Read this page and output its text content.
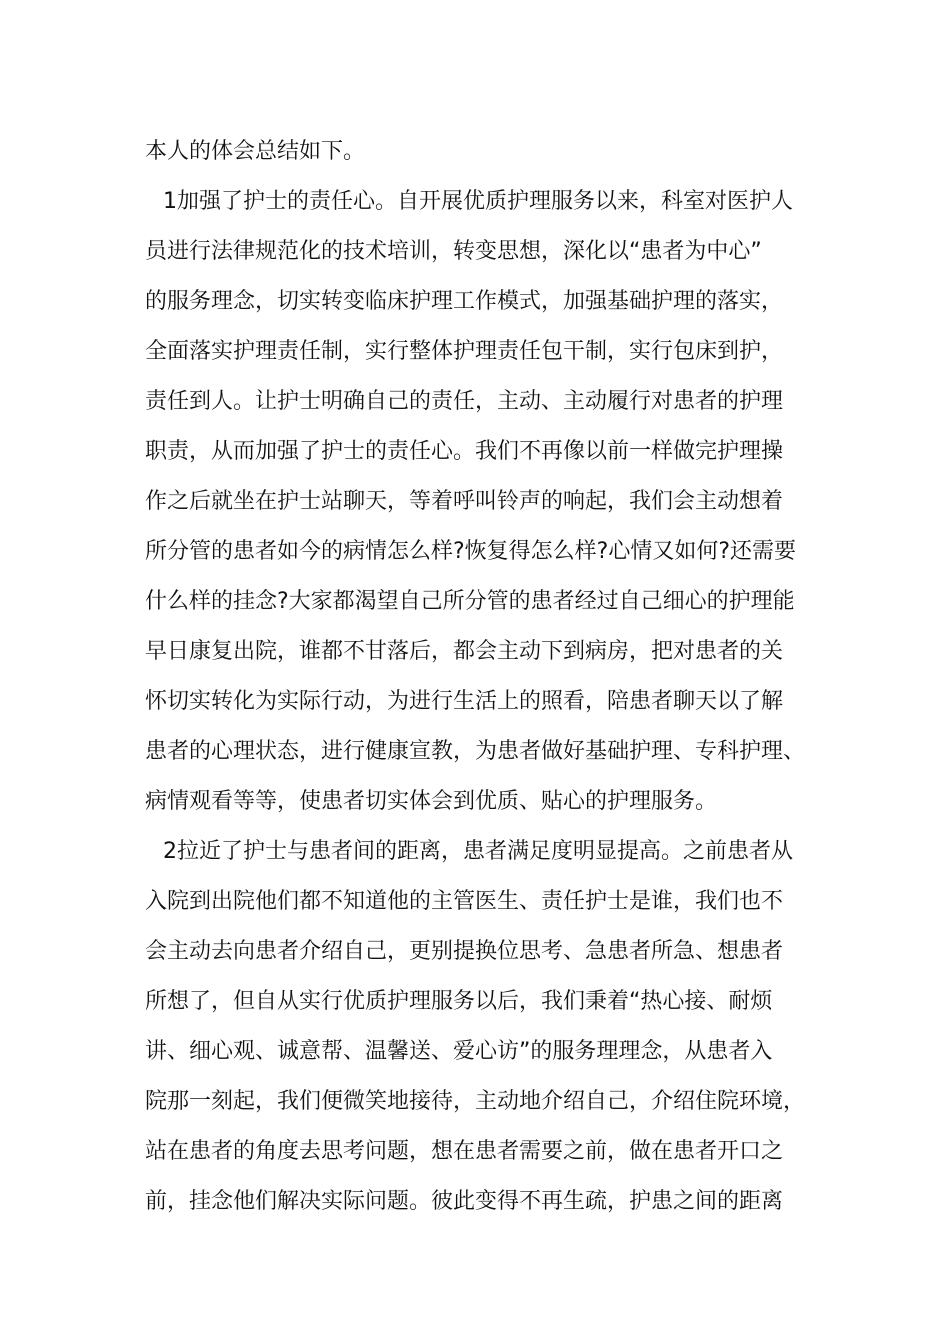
本人的体会总结如下。
1加强了护士的责任心。自开展优质护理服务以来，科室对医护人
员进行法律规范化的技术培训，转变思想，深化以“患者为中心”
的服务理念，切实转变临床护理工作模式，加强基础护理的落实，
全面落实护理责任制，实行整体护理责任包干制，实行包床到护，
责任到人。让护士明确自己的责任，主动、主动履行对患者的护理
职责，从而加强了护士的责任心。我们不再像以前一样做完护理操
作之后就坐在护士站聊天，等着呼叫铃声的响起，我们会主动想着
所分管的患者如今的病情怎么样?恢复得怎么样?心情又如何?还需要
什么样的挂念?大家都渴望自己所分管的患者经过自己细心的护理能
早日康复出院，谁都不甘落后，都会主动下到病房，把对患者的关
怀切实转化为实际行动，为进行生活上的照看，陪患者聊天以了解
患者的心理状态，进行健康宣教，为患者做好基础护理、专科护理、
病情观看等等，使患者切实体会到优质、贴心的护理服务。
2拉近了护士与患者间的距离，患者满足度明显提高。之前患者从
入院到出院他们都不知道他的主管医生、责任护士是谁，我们也不
会主动去向患者介绍自己，更别提换位思考、急患者所急、想患者
所想了，但自从实行优质护理服务以后，我们秉着“热心接、耐烦
讲、细心观、诚意帮、温馨送、爱心访”的服务理理念，从患者入
院那一刻起，我们便微笑地接待，主动地介绍自己，介绍住院环境，
站在患者的角度去思考问题，想在患者需要之前，做在患者开口之
前，挂念他们解决实际问题。彼此变得不再生疏，护患之间的距离
